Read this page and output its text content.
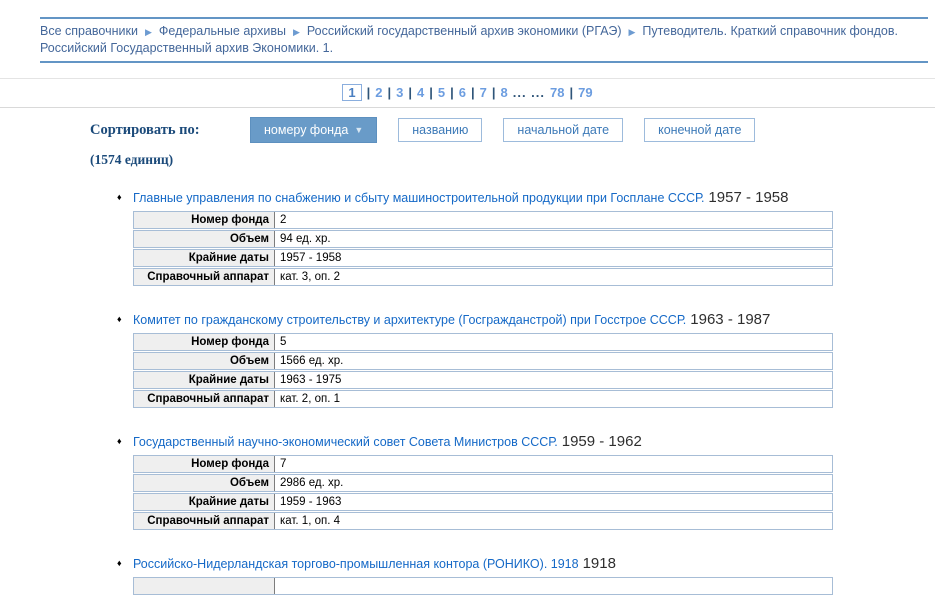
Все справочники ▶ Федеральные архивы ▶ Российский государственный архив экономики (РГАЭ) ▶ Путеводитель. Краткий справочник фондов. Российский Государственный архив Экономики. 1.
1 | 2 | 3 | 4 | 5 | 6 | 7 | 8 ... ... 78 | 79
Сортировать по:	номеру фонда ▼	названию	начальной дате	конечной дате
(1574 единиц)
♦ Главные управления по снабжению и сбыту машиностроительной продукции при Госплане СССР. 1957 - 1958
Номер фонда 2
Объем 94 ед. хр.
Крайние даты 1957 - 1958
Справочный аппарат кат. 3, оп. 2
♦ Комитет по гражданскому строительству и архитектуре (Госгражданстрой) при Госстрое СССР. 1963 - 1987
Номер фонда 5
Объем 1566 ед. хр.
Крайние даты 1963 - 1975
Справочный аппарат кат. 2, оп. 1
♦ Государственный научно-экономический совет Совета Министров СССР. 1959 - 1962
Номер фонда 7
Объем 2986 ед. хр.
Крайние даты 1959 - 1963
Справочный аппарат кат. 1, оп. 4
♦ Российско-Нидерландская торгово-промышленная контора (РОНИКО). 1918 1918
